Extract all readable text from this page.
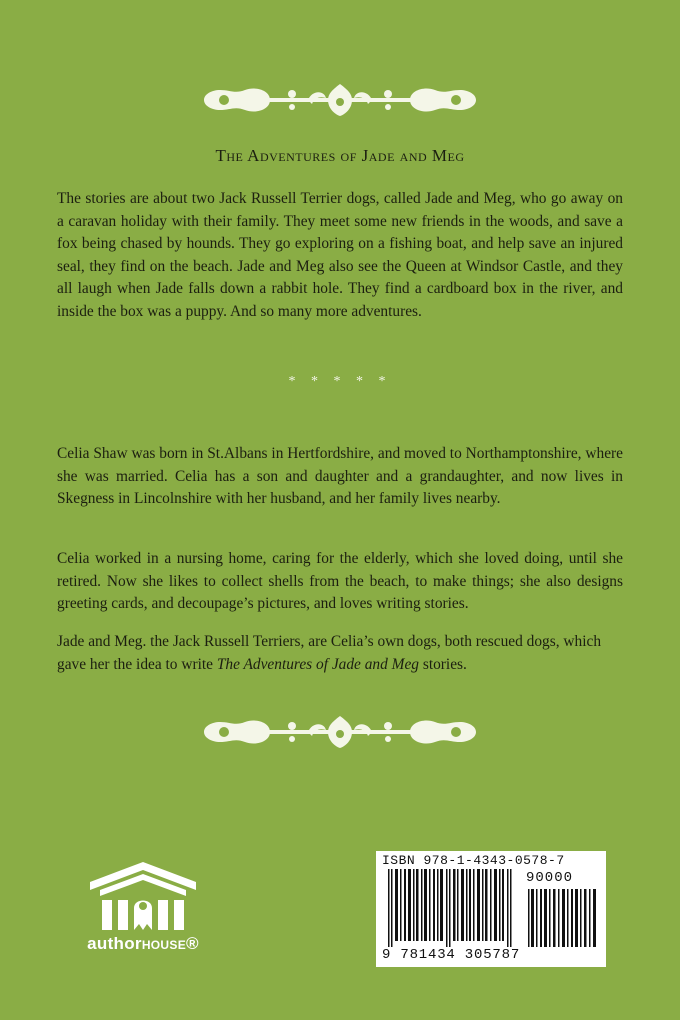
The Adventures of Jade and Meg

The stories are about two Jack Russell Terrier dogs, called Jade and Meg, who go away on a caravan holiday with their family. They meet some new friends in the woods, and save a fox being chased by hounds. They go exploring on a fishing boat, and help save an injured seal, they find on the beach. Jade and Meg also see the Queen at Windsor Castle, and they all laugh when Jade falls down a rabbit hole. They find a cardboard box in the river, and inside the box was a puppy. And so many more adventures.

* * * * *

Celia Shaw was born in St.Albans in Hertfordshire, and moved to Northamptonshire, where she was married. Celia has a son and daughter and a grandaughter, and now lives in Skegness in Lincolnshire with her husband, and her family lives nearby.

Celia worked in a nursing home, caring for the elderly, which she loved doing, until she retired. Now she likes to collect shells from the beach, to make things; she also designs greeting cards, and decoupage’s pictures, and loves writing stories.

Jade and Meg. the Jack Russell Terriers, are Celia’s own dogs, both rescued dogs, which gave her the idea to write The Adventures of Jade and Meg stories.

authorHOUSE®
ISBN 978-1-4343-0578-7
90000
9 781434 305787
